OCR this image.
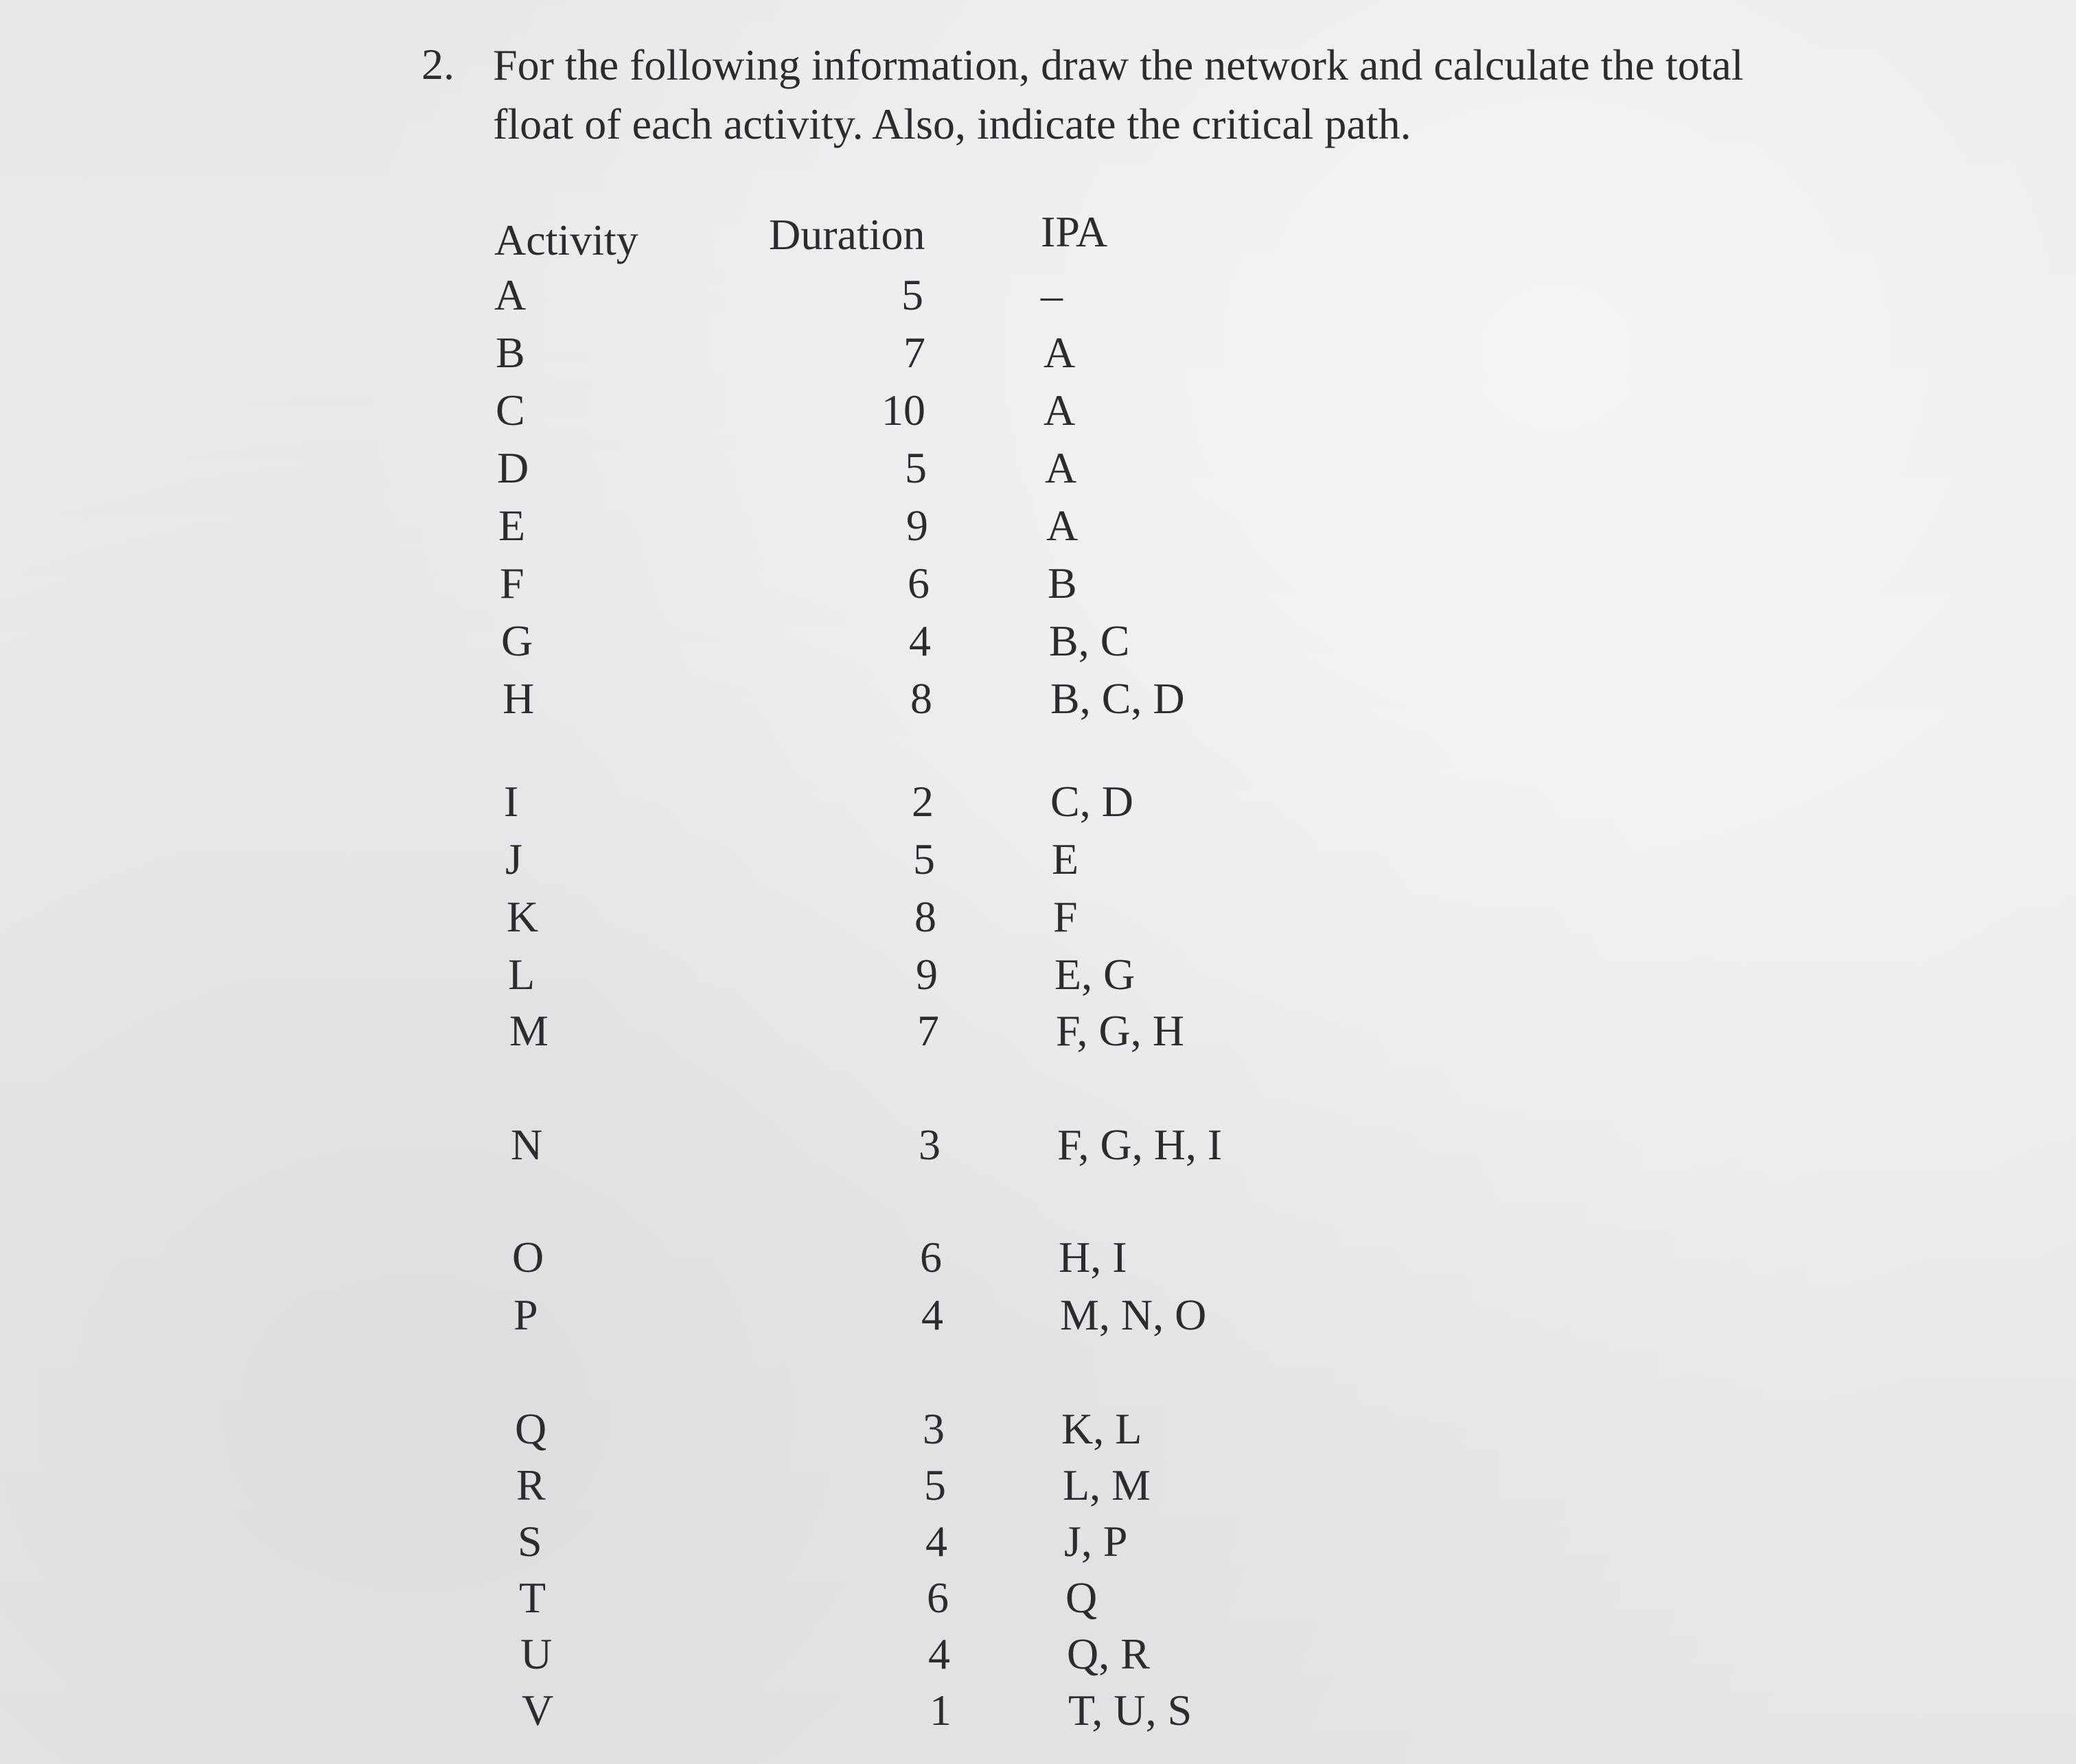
2. For the following information, draw the network and calculate the total
float of each activity. Also, indicate the critical path.
Activity	Duration	IPA
A	5	–
B	7	A
C	10	A
D	5	A
E	9	A
F	6	B
G	4	B, C
H	8	B, C, D
I	2	C, D
J	5	E
K	8	F
L	9	E, G
M	7	F, G, H
N	3	F, G, H, I
O	6	H, I
P	4	M, N, O
Q	3	K, L
R	5	L, M
S	4	J, P
T	6	Q
U	4	Q, R
V	1	T, U, S
